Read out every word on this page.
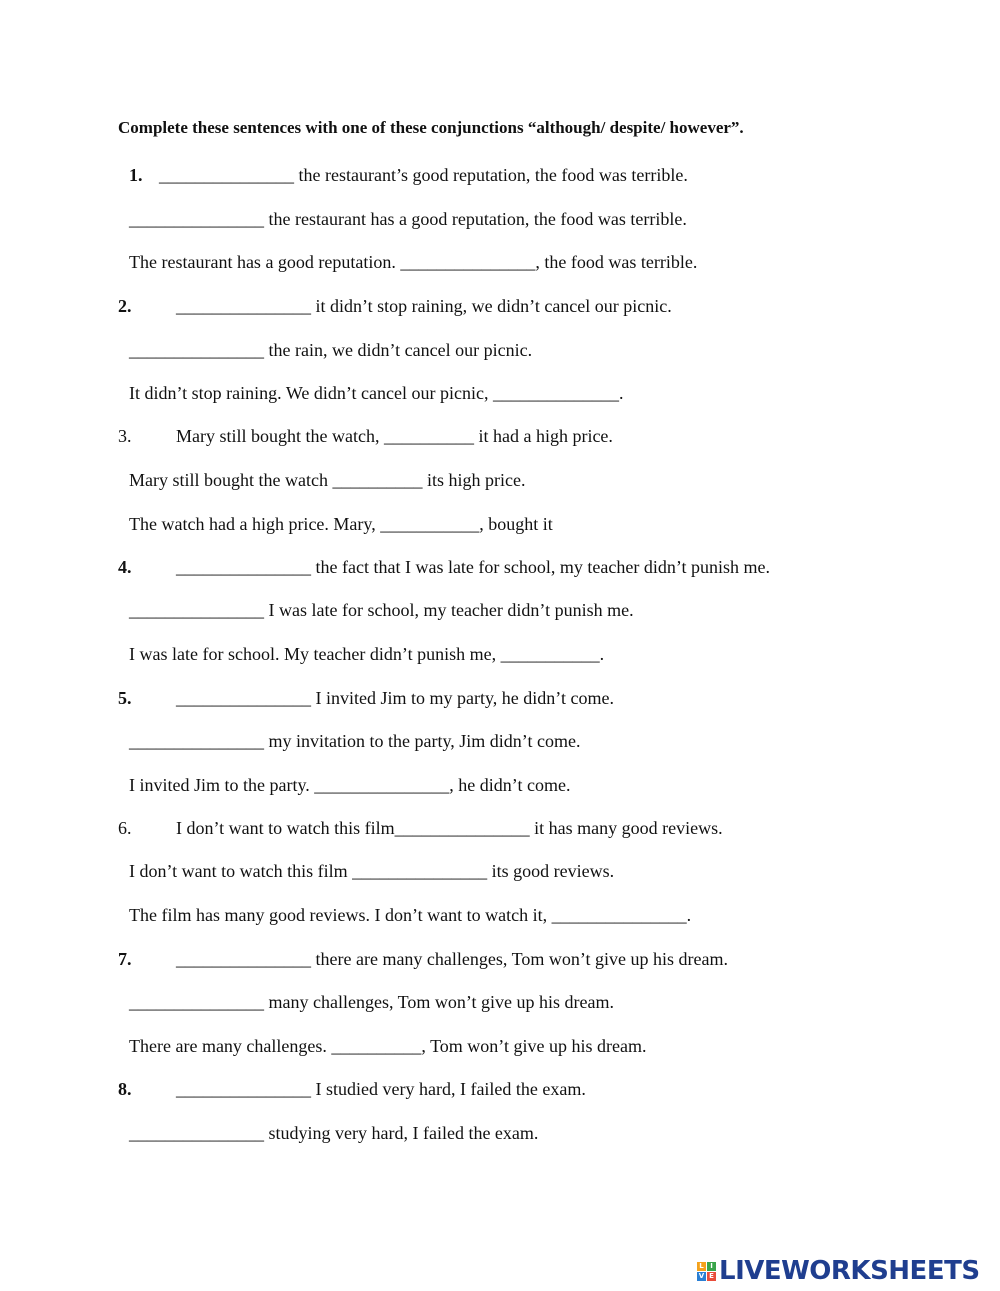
Complete these sentences with one of these conjunctions “although/ despite/ however”.
1. _______________ the restaurant’s good reputation, the food was terrible.
_______________ the restaurant has a good reputation, the food was terrible.
The restaurant has a good reputation. _______________, the food was terrible.
2. _______________ it didn’t stop raining, we didn’t cancel our picnic.
_______________ the rain, we didn’t cancel our picnic.
It didn’t stop raining. We didn’t cancel our picnic, ______________.
3. Mary still bought the watch, __________ it had a high price.
Mary still bought the watch __________ its high price.
The watch had a high price. Mary, ___________, bought it
4. _______________ the fact that I was late for school, my teacher didn’t punish me.
_______________ I was late for school, my teacher didn’t punish me.
I was late for school. My teacher didn’t punish me, ___________.
5. _______________ I invited Jim to my party, he didn’t come.
_______________ my invitation to the party, Jim didn’t come.
I invited Jim to the party. _______________, he didn’t come.
6. I don’t want to watch this film_______________ it has many good reviews.
I don’t want to watch this film _______________ its good reviews.
The film has many good reviews. I don’t want to watch it, _______________.
7. _______________ there are many challenges, Tom won’t give up his dream.
_______________ many challenges, Tom won’t give up his dream.
There are many challenges. __________, Tom won’t give up his dream.
8. _______________ I studied very hard, I failed the exam.
_______________ studying very hard, I failed the exam.
L I
V E LIVEWORKSHEETS
